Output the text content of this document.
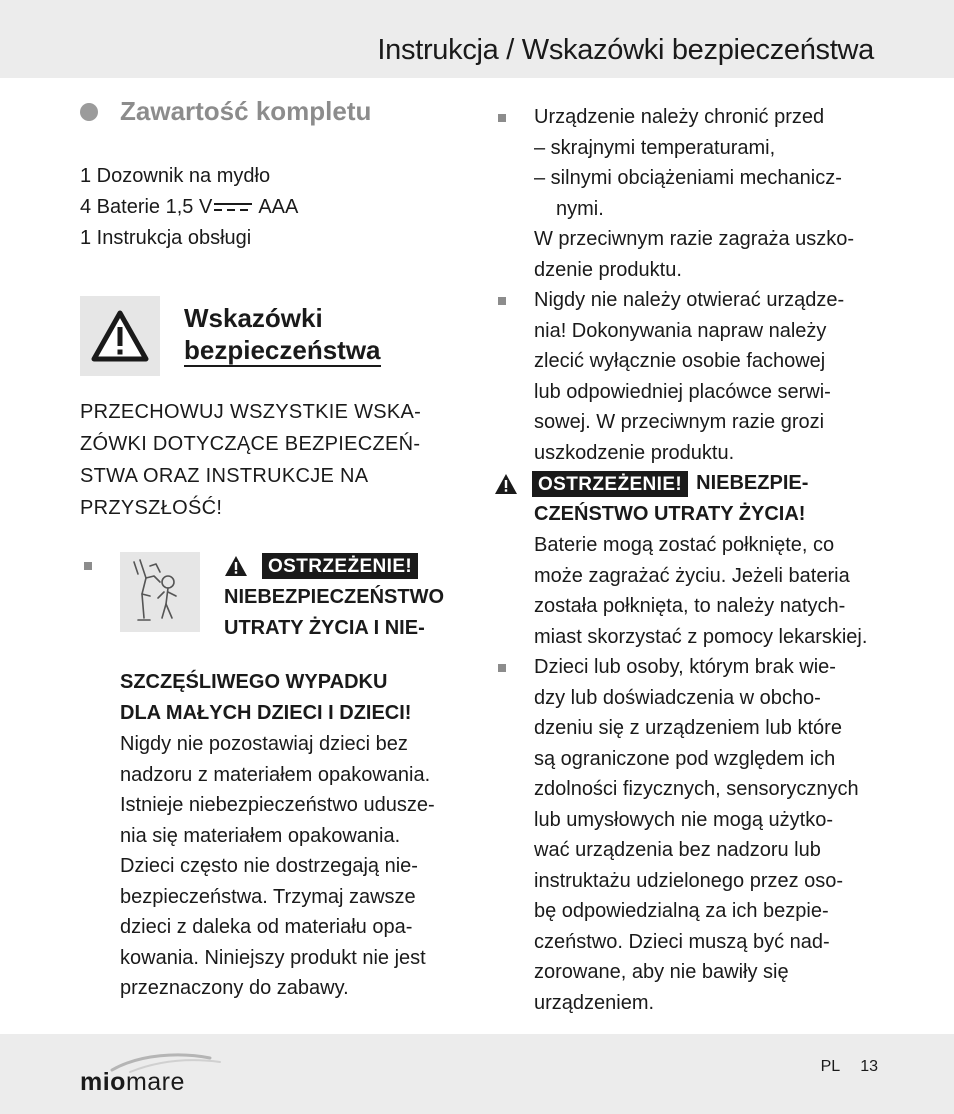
Instrukcja / Wskazówki bezpieczeństwa
Zawartość kompletu
1 Dozownik na mydło
4 Baterie 1,5 V AAA
1 Instrukcja obsługi
Wskazówki
bezpieczeństwa
PRZECHOWUJ WSZYSTKIE WSKA-
ZÓWKI DOTYCZĄCE BEZPIECZEŃ-
STWA ORAZ INSTRUKCJE NA
PRZYSZŁOŚĆ!
OSTRZEŻENIE!
NIEBEZPIECZEŃSTWO
UTRATY ŻYCIA I NIE-
SZCZĘŚLIWEGO WYPADKU
DLA MAŁYCH DZIECI I DZIECI!
Nigdy nie pozostawiaj dzieci bez
nadzoru z materiałem opakowania.
Istnieje niebezpieczeństwo udusze-
nia się materiałem opakowania.
Dzieci często nie dostrzegają nie-
bezpieczeństwa. Trzymaj zawsze
dzieci z daleka od materiału opa-
kowania. Niniejszy produkt nie jest
przeznaczony do zabawy.
Urządzenie należy chronić przed
– skrajnymi temperaturami,
– silnymi obciążeniami mechanicz-
nymi.
W przeciwnym razie zagraża uszko-
dzenie produktu.
Nigdy nie należy otwierać urządze-
nia! Dokonywania napraw należy
zlecić wyłącznie osobie fachowej
lub odpowiedniej placówce serwi-
sowej. W przeciwnym razie grozi
uszkodzenie produktu.
OSTRZEŻENIE! NIEBEZPIE-
CZEŃSTWO UTRATY ŻYCIA!
Baterie mogą zostać połknięte, co
może zagrażać życiu. Jeżeli bateria
została połknięta, to należy natych-
miast skorzystać z pomocy lekarskiej.
Dzieci lub osoby, którym brak wie-
dzy lub doświadczenia w obcho-
dzeniu się z urządzeniem lub które
są ograniczone pod względem ich
zdolności fizycznych, sensorycznych
lub umysłowych nie mogą użytko-
wać urządzenia bez nadzoru lub
instruktażu udzielonego przez oso-
bę odpowiedzialną za ich bezpie-
czeństwo. Dzieci muszą być nad-
zorowane, aby nie bawiły się
urządzeniem.
miomare
PL 13
